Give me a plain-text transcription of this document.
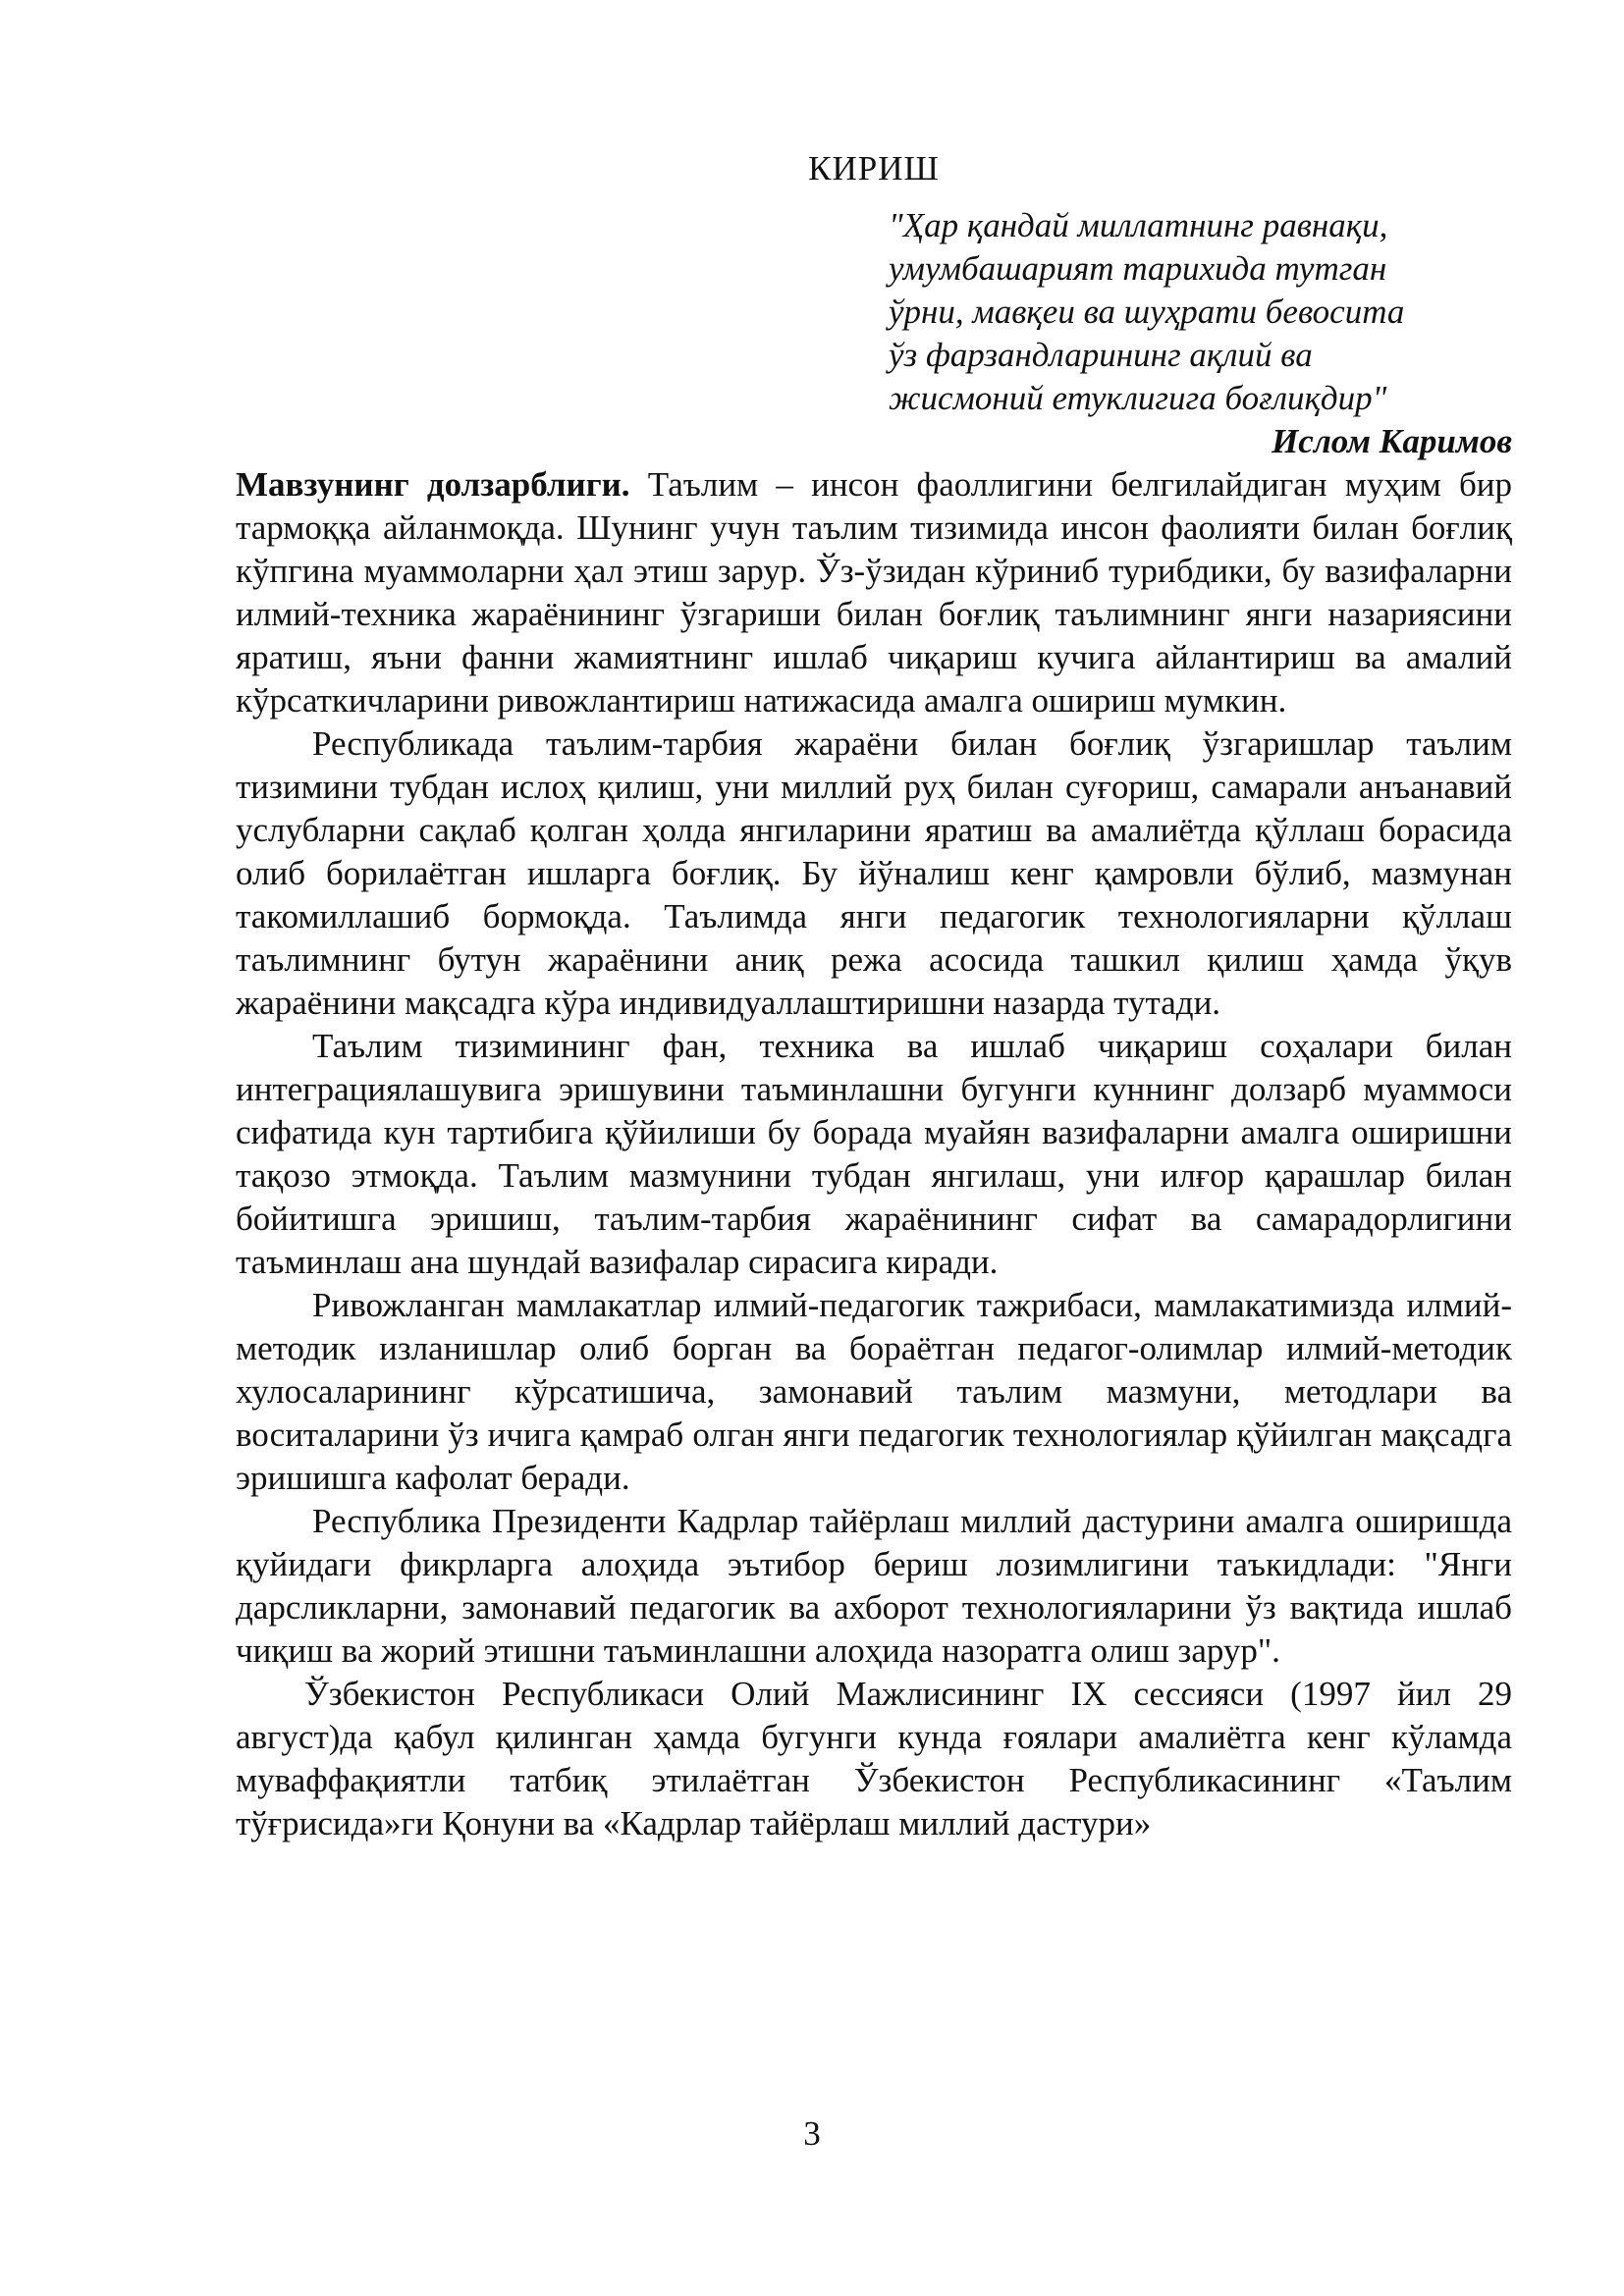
КИРИШ
"Ҳар қандай миллатнинг равнақи,
умумбашарият тарихида тутган
ўрни, мавқеи ва шуҳрати бевосита
ўз фарзандларининг ақлий ва
жисмоний етуклигига боғлиқдир"
Ислом Каримов

Мавзунинг долзарблиги. Таълим – инсон фаоллигини белгилайдиган муҳим бир тармоққа айланмоқда. Шунинг учун таълим тизимида инсон фаолияти билан боғлиқ кўпгина муаммоларни ҳал этиш зарур. Ўз-ўзидан кўриниб турибдики, бу вазифаларни илмий-техника жараёнининг ўзгариши билан боғлиқ таълимнинг янги назариясини яратиш, яъни фанни жамиятнинг ишлаб чиқариш кучига айлантириш ва амалий кўрсаткичларини ривожлантириш натижасида амалга ошириш мумкин.

Республикада таълим-тарбия жараёни билан боғлиқ ўзгаришлар таълим тизимини тубдан ислоҳ қилиш, уни миллий руҳ билан суғориш, самарали анъанавий услубларни сақлаб қолган ҳолда янгиларини яратиш ва амалиётда қўллаш борасида олиб борилаётган ишларга боғлиқ. Бу йўналиш кенг қамровли бўлиб, мазмунан такомиллашиб бормоқда. Таълимда янги педагогик технологияларни қўллаш таълимнинг бутун жараёнини аниқ режа асосида ташкил қилиш ҳамда ўқув жараёнини мақсадга кўра индивидуаллаштиришни назарда тутади.

Таълим тизимининг фан, техника ва ишлаб чиқариш соҳалари билан интеграциялашувига эришувини таъминлашни бугунги куннинг долзарб муаммоси сифатида кун тартибига қўйилиши бу борада муайян вазифаларни амалга оширишни тақозо этмоқда. Таълим мазмунини тубдан янгилаш, уни илғор қарашлар билан бойитишга эришиш, таълим-тарбия жараёнининг сифат ва самарадорлигини таъминлаш ана шундай вазифалар сирасига киради.

Ривожланган мамлакатлар илмий-педагогик тажрибаси, мамлакатимизда илмий-методик изланишлар олиб борган ва бораётган педагог-олимлар илмий-методик хулосаларининг кўрсатишича, замонавий таълим мазмуни, методлари ва воситаларини ўз ичига қамраб олган янги педагогик технологиялар қўйилган мақсадга эришишга кафолат беради.

Республика Президенти Кадрлар тайёрлаш миллий дастурини амалга оширишда қуйидаги фикрларга алоҳида эътибор бериш лозимлигини таъкидлади: "Янги дарсликларни, замонавий педагогик ва ахборот технологияларини ўз вақтида ишлаб чиқиш ва жорий этишни таъминлашни алоҳида назоратга олиш зарур".

Ўзбекистон Республикаси Олий Мажлисининг IX сессияси (1997 йил 29 август)да қабул қилинган ҳамда бугунги кунда ғоялари амалиётга кенг кўламда муваффақиятли татбиқ этилаётган Ўзбекистон Республикасининг «Таълим тўғрисида»ги Қонуни ва «Кадрлар тайёрлаш миллий дастури»

3
